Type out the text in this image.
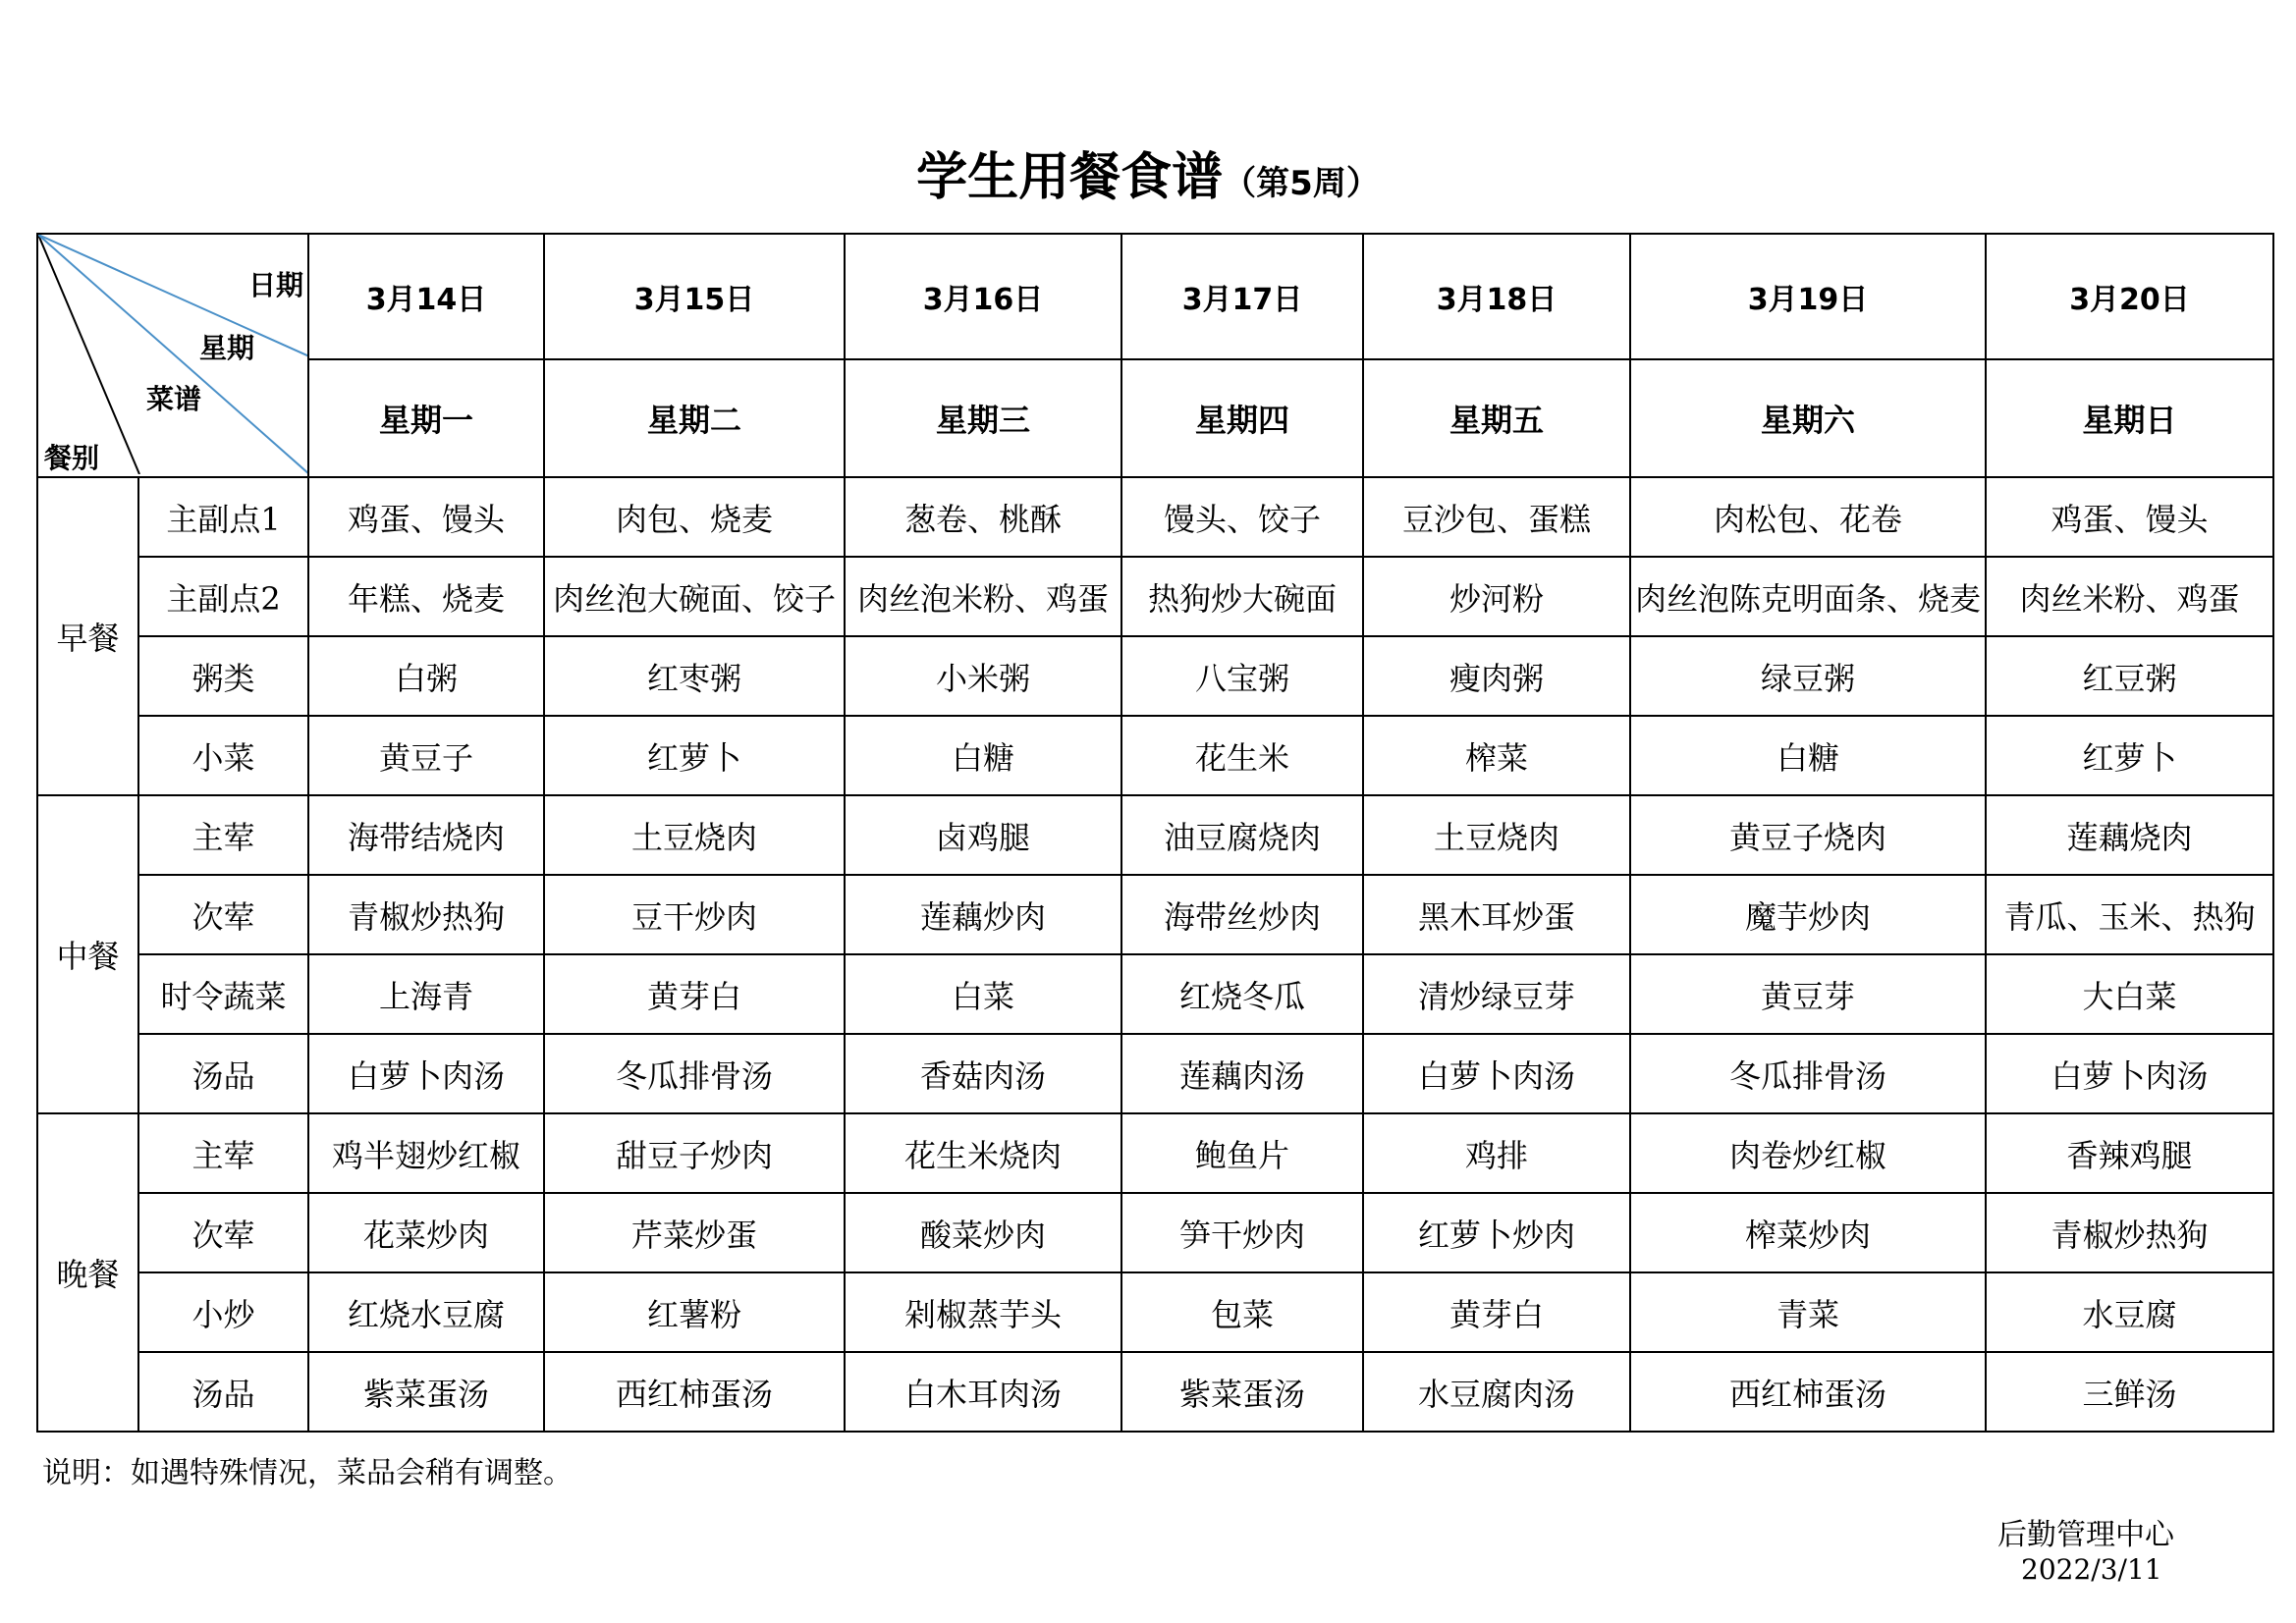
学生用餐食谱（第5周）
日期
星期
菜谱
餐别		3月14日	3月15日	3月16日	3月17日	3月18日	3月19日	3月20日
		星期一	星期二	星期三	星期四	星期五	星期六	星期日
早餐	主副点1	鸡蛋、馒头	肉包、烧麦	葱卷、桃酥	馒头、饺子	豆沙包、蛋糕	肉松包、花卷	鸡蛋、馒头
	主副点2	年糕、烧麦	肉丝泡大碗面、饺子	肉丝泡米粉、鸡蛋	热狗炒大碗面	炒河粉	肉丝泡陈克明面条、烧麦	肉丝米粉、鸡蛋
	粥类	白粥	红枣粥	小米粥	八宝粥	瘦肉粥	绿豆粥	红豆粥
	小菜	黄豆子	红萝卜	白糖	花生米	榨菜	白糖	红萝卜
中餐	主荤	海带结烧肉	土豆烧肉	卤鸡腿	油豆腐烧肉	土豆烧肉	黄豆子烧肉	莲藕烧肉
	次荤	青椒炒热狗	豆干炒肉	莲藕炒肉	海带丝炒肉	黑木耳炒蛋	魔芋炒肉	青瓜、玉米、热狗
	时令蔬菜	上海青	黄芽白	白菜	红烧冬瓜	清炒绿豆芽	黄豆芽	大白菜
	汤品	白萝卜肉汤	冬瓜排骨汤	香菇肉汤	莲藕肉汤	白萝卜肉汤	冬瓜排骨汤	白萝卜肉汤
晚餐	主荤	鸡半翅炒红椒	甜豆子炒肉	花生米烧肉	鲍鱼片	鸡排	肉卷炒红椒	香辣鸡腿
	次荤	花菜炒肉	芹菜炒蛋	酸菜炒肉	笋干炒肉	红萝卜炒肉	榨菜炒肉	青椒炒热狗
	小炒	红烧水豆腐	红薯粉	剁椒蒸芋头	包菜	黄芽白	青菜	水豆腐
	汤品	紫菜蛋汤	西红柿蛋汤	白木耳肉汤	紫菜蛋汤	水豆腐肉汤	西红柿蛋汤	三鲜汤
说明：如遇特殊情况，菜品会稍有调整。
后勤管理中心
2022/3/11
